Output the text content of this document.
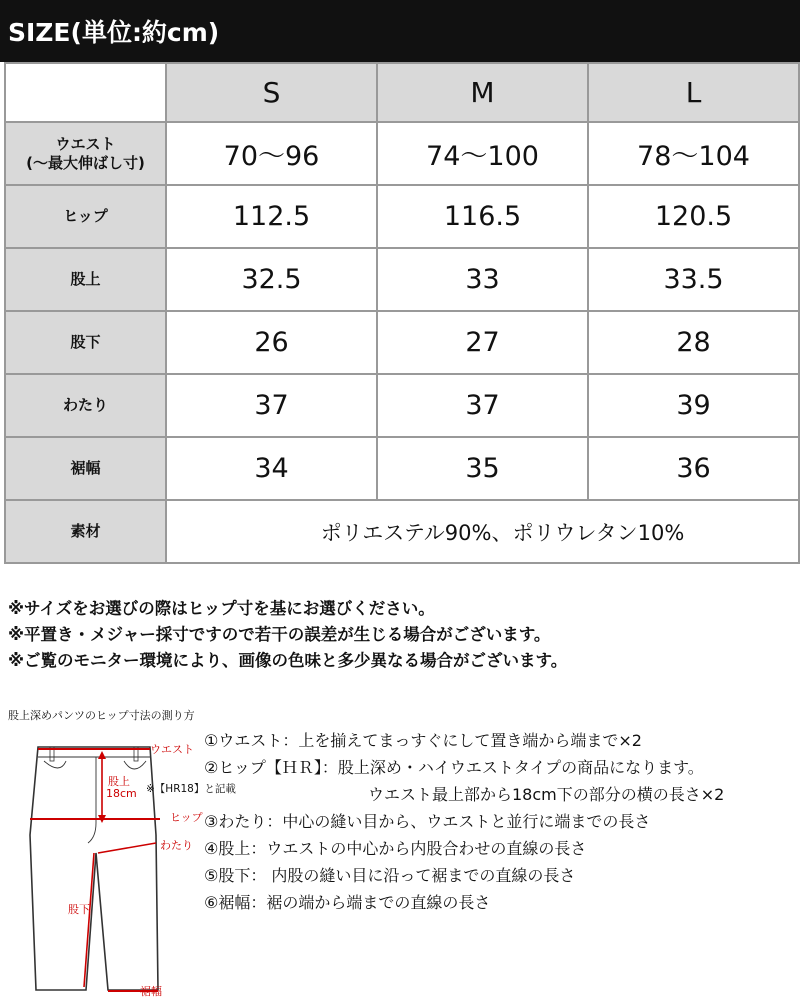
SIZE(単位:約cm)
	S	M	L
ウエスト
(〜最大伸ばし寸)	70〜96	74〜100	78〜104
ヒップ	112.5	116.5	120.5
股上	32.5	33	33.5
股下	26	27	28
わたり	37	37	39
裾幅	34	35	36
素材	ポリエステル90%、ポリウレタン10%		
※サイズをお選びの際はヒップ寸を基にお選びください。
※平置き・メジャー採寸ですので若干の誤差が生じる場合がございます。
※ご覧のモニター環境により、画像の色味と多少異なる場合がございます。
股上深めパンツのヒップ寸法の測り方
ウエスト
股上
18cm ※【HR18】と記載
ヒップ
わたり
股下
裾幅
①ウエスト：上を揃えてまっすぐにして置き端から端まで×2
②ヒップ【ＨＲ】：股上深め・ハイウエストタイプの商品になります。
ウエスト最上部から18cm下の部分の横の長さ×2
③わたり：中心の縫い目から、ウエストと並行に端までの長さ
④股上：ウエストの中心から内股合わせの直線の長さ
⑤股下： 内股の縫い目に沿って裾までの直線の長さ
⑥裾幅：裾の端から端までの直線の長さ
